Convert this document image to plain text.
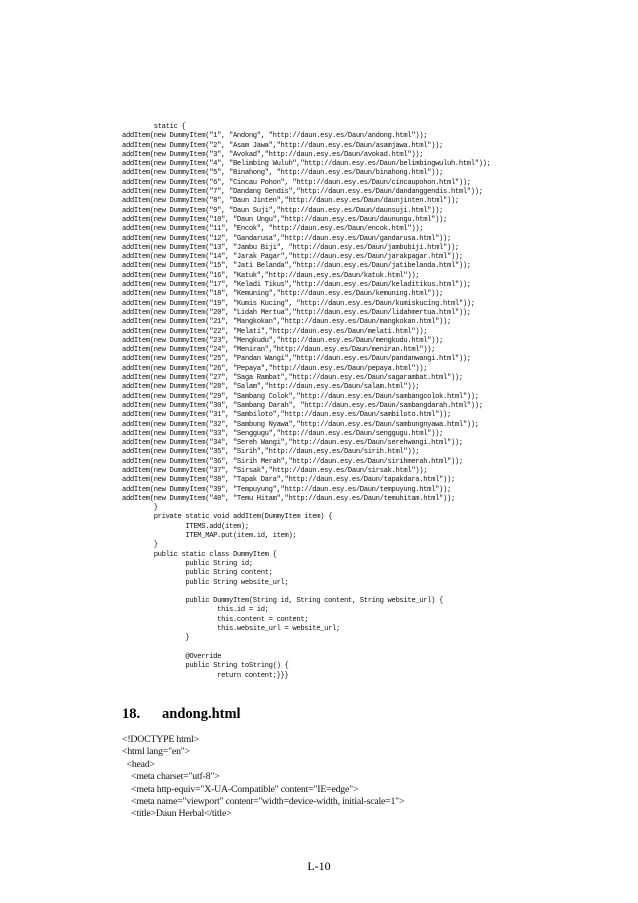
static {
addItem(new DummyItem("1", "Andong", "http://daun.esy.es/Daun/andong.html"));
addItem(new DummyItem("2", "Asam Jawa","http://daun.esy.es/Daun/asamjawa.html"));
addItem(new DummyItem("3", "Avokad","http://daun.esy.es/Daun/avokad.html"));
addItem(new DummyItem("4", "Belimbing Wuluh","http://daun.esy.es/Daun/belimbingwuluh.html"));
addItem(new DummyItem("5", "Binahong", "http://daun.esy.es/Daun/binahong.html"));
addItem(new DummyItem("6", "Cincau Pohon", "http://daun.esy.es/Daun/cincaupohon.html"));
addItem(new DummyItem("7", "Dandang Gendis","http://daun.esy.es/Daun/dandanggendis.html"));
addItem(new DummyItem("8", "Daun Jinten","http://daun.esy.es/Daun/daunjinten.html"));
addItem(new DummyItem("9", "Daun Suji","http://daun.esy.es/Daun/daunsuji.html"));
addItem(new DummyItem("10", "Daun Ungu","http://daun.esy.es/Daun/daunungu.html"));
addItem(new DummyItem("11", "Encok", "http://daun.esy.es/Daun/encok.html"));
addItem(new DummyItem("12", "Gandarusa","http://daun.esy.es/Daun/gandarusa.html"));
addItem(new DummyItem("13", "Jambu Biji", "http://daun.esy.es/Daun/jambubiji.html"));
addItem(new DummyItem("14", "Jarak Pagar","http://daun.esy.es/Daun/jarakpagar.html"));
addItem(new DummyItem("15", "Jati Belanda","http://daun.esy.es/Daun/jatibelanda.html"));
addItem(new DummyItem("16", "Katuk","http://daun.esy.es/Daun/katuk.html"));
addItem(new DummyItem("17", "Keladi Tikus","http://daun.esy.es/Daun/keladitikus.html"));
addItem(new DummyItem("18", "Kemuning","http://daun.esy.es/Daun/kemuning.html"));
addItem(new DummyItem("19", "Kumis Kucing", "http://daun.esy.es/Daun/kumiskucing.html"));
addItem(new DummyItem("20", "Lidah Mertua","http://daun.esy.es/Daun/lidahmertua.html"));
addItem(new DummyItem("21", "Mangkokan","http://daun.esy.es/Daun/mangkokan.html"));
addItem(new DummyItem("22", "Melati","http://daun.esy.es/Daun/melati.html"));
addItem(new DummyItem("23", "Mengkudu","http://daun.esy.es/Daun/mengkudu.html"));
addItem(new DummyItem("24", "Meniran","http://daun.esy.es/Daun/meniran.html"));
addItem(new DummyItem("25", "Pandan Wangi","http://daun.esy.es/Daun/pandanwangi.html"));
addItem(new DummyItem("26", "Pepaya","http://daun.esy.es/Daun/pepaya.html"));
addItem(new DummyItem("27", "Saga Rambat","http://daun.esy.es/Daun/sagarambat.html"));
addItem(new DummyItem("28", "Salam","http://daun.esy.es/Daun/salam.html"));
addItem(new DummyItem("29", "Sambang Colok","http://daun.esy.es/Daun/sambangcolok.html"));
addItem(new DummyItem("30", "Sambang Darah", "http://daun.esy.es/Daun/sambangdarah.html"));
addItem(new DummyItem("31", "Sambiloto","http://daun.esy.es/Daun/sambiloto.html"));
addItem(new DummyItem("32", "Sambung Nyawa","http://daun.esy.es/Daun/sambungnyawa.html"));
addItem(new DummyItem("33", "Senggugu","http://daun.esy.es/Daun/senggugu.html"));
addItem(new DummyItem("34", "Sereh Wangi","http://daun.esy.es/Daun/serehwangi.html"));
addItem(new DummyItem("35", "Sirih","http://daun.esy.es/Daun/sirih.html"));
addItem(new DummyItem("36", "Sirih Merah","http://daun.esy.es/Daun/sirihmerah.html"));
addItem(new DummyItem("37", "Sirsak","http://daun.esy.es/Daun/sirsak.html"));
addItem(new DummyItem("38", "Tapak Dara","http://daun.esy.es/Daun/tapakdara.html"));
addItem(new DummyItem("39", "Tempuyung","http://daun.esy.es/Daun/tempuyung.html"));
addItem(new DummyItem("40", "Temu Hitam","http://daun.esy.es/Daun/temuhitam.html"));
}
private static void addItem(DummyItem item) {
ITEMS.add(item);
ITEM_MAP.put(item.id, item);
}
public static class DummyItem {
public String id;
public String content;
public String website_url;
public DummyItem(String id, String content, String website_url) {
this.id = id;
this.content = content;
this.website_url = website_url;
}
@Override
public String toString() {
return content;}}}
18. andong.html
<!DOCTYPE html>
<html lang="en">
<head>
<meta charset="utf-8">
<meta http-equiv="X-UA-Compatible" content="IE=edge">
<meta name="viewport" content="width=device-width, initial-scale=1">
<title>Daun Herbal</title>
L-10
